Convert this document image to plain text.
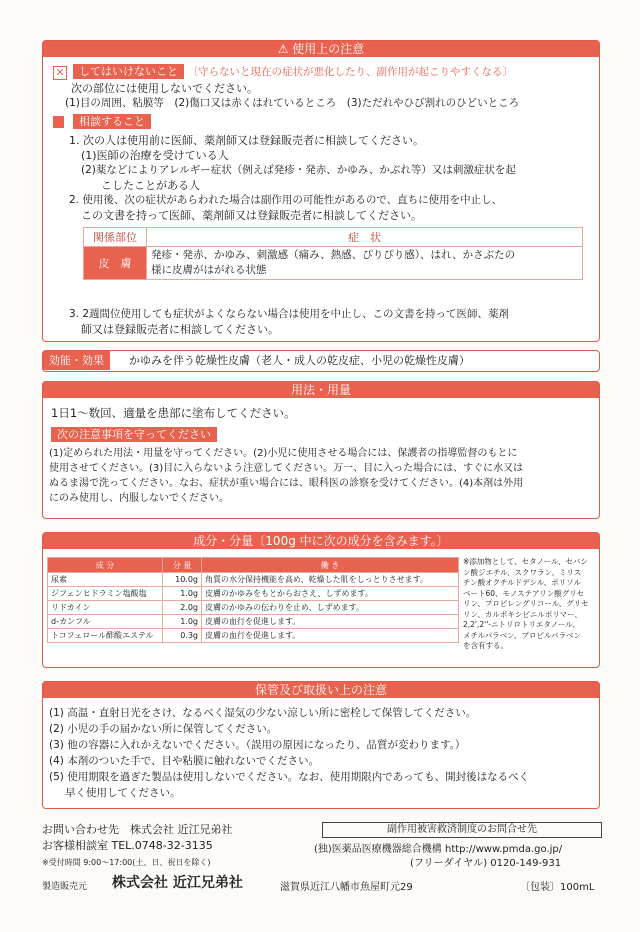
⚠ 使用上の注意
✕	してはいけないこと 〔守らないと現在の症状が悪化したり、副作用が起こりやすくなる〕
次の部位には使用しないでください。
(1)目の周囲、粘膜等　(2)傷口又は赤くはれているところ　(3)ただれやひび割れのひどいところ
相談すること
1. 次の人は使用前に医師、薬剤師又は登録販売者に相談してください。
(1)医師の治療を受けている人
(2)薬などによりアレルギー症状（例えば発疹・発赤、かゆみ、かぶれ等）又は刺激症状を起
こしたことがある人
2. 使用後、次の症状があらわれた場合は副作用の可能性があるので、直ちに使用を中止し、
この文書を持って医師、薬剤師又は登録販売者に相談してください。
関係部位	症　状
皮　膚	発疹・発赤、かゆみ、刺激感（痛み、熱感、ぴりぴり感）、はれ、かさぶたの
様に皮膚がはがれる状態
3. 2週間位使用しても症状がよくならない場合は使用を中止し、この文書を持って医師、薬剤
師又は登録販売者に相談してください。
効能・効果	かゆみを伴う乾燥性皮膚（老人・成人の乾皮症、小児の乾燥性皮膚）
用法・用量
1日1～数回、適量を患部に塗布してください。
次の注意事項を守ってください
(1)定められた用法・用量を守ってください。(2)小児に使用させる場合には、保護者の指導監督のもとに
使用させてください。(3)目に入らないよう注意してください。万一、目に入った場合には、すぐに水又は
ぬるま湯で洗ってください。なお、症状が重い場合には、眼科医の診察を受けてください。(4)本剤は外用
にのみ使用し、内服しないでください。
成分・分量〔100g 中に次の成分を含みます。〕
成 分	分 量	働 き
尿素	10.0g	角質の水分保持機能を高め、乾燥した肌をしっとりさせます。
ジフェンヒドラミン塩酸塩	1.0g	皮膚のかゆみをもとからおさえ、しずめます。
リドカイン	2.0g	皮膚のかゆみの伝わりを止め、しずめます。
d-カンフル	1.0g	皮膚の血行を促進します。
トコフェロール酢酸エステル	0.3g	皮膚の血行を促進します。
※添加物として、セタノール、セバシ
ン酸ジエチル、スクワラン、ミリス
チン酸オクチルドデシル、ポリソル
ベート60、モノステアリン酸グリセ
リン、プロピレングリコール、グリセ
リン、カルボキシビニルポリマー、
2,2',2''-ニトリロトリエタノール、
メチルパラベン、プロピルパラベン
を含有する。
保管及び取扱い上の注意
(1) 高温・直射日光をさけ、なるべく湿気の少ない涼しい所に密栓して保管してください。
(2) 小児の手の届かない所に保管してください。
(3) 他の容器に入れかえないでください。（誤用の原因になったり、品質が変わります。）
(4) 本剤のついた手で、目や粘膜に触れないでください。
(5) 使用期限を過ぎた製品は使用しないでください。なお、使用期限内であっても、開封後はなるべく
早く使用してください。
お問い合わせ先　株式会社 近江兄弟社
お客様相談室 TEL.0748-32-3135
※受付時間 9:00～17:00(土、日、祝日を除く)
副作用被害救済制度のお問合せ先
(独)医薬品医療機器総合機構 http://www.pmda.go.jp/
(フリーダイヤル) 0120-149-931
製造販売元 株式会社 近江兄弟社	滋賀県近江八幡市魚屋町元29	〔包装〕100mL
